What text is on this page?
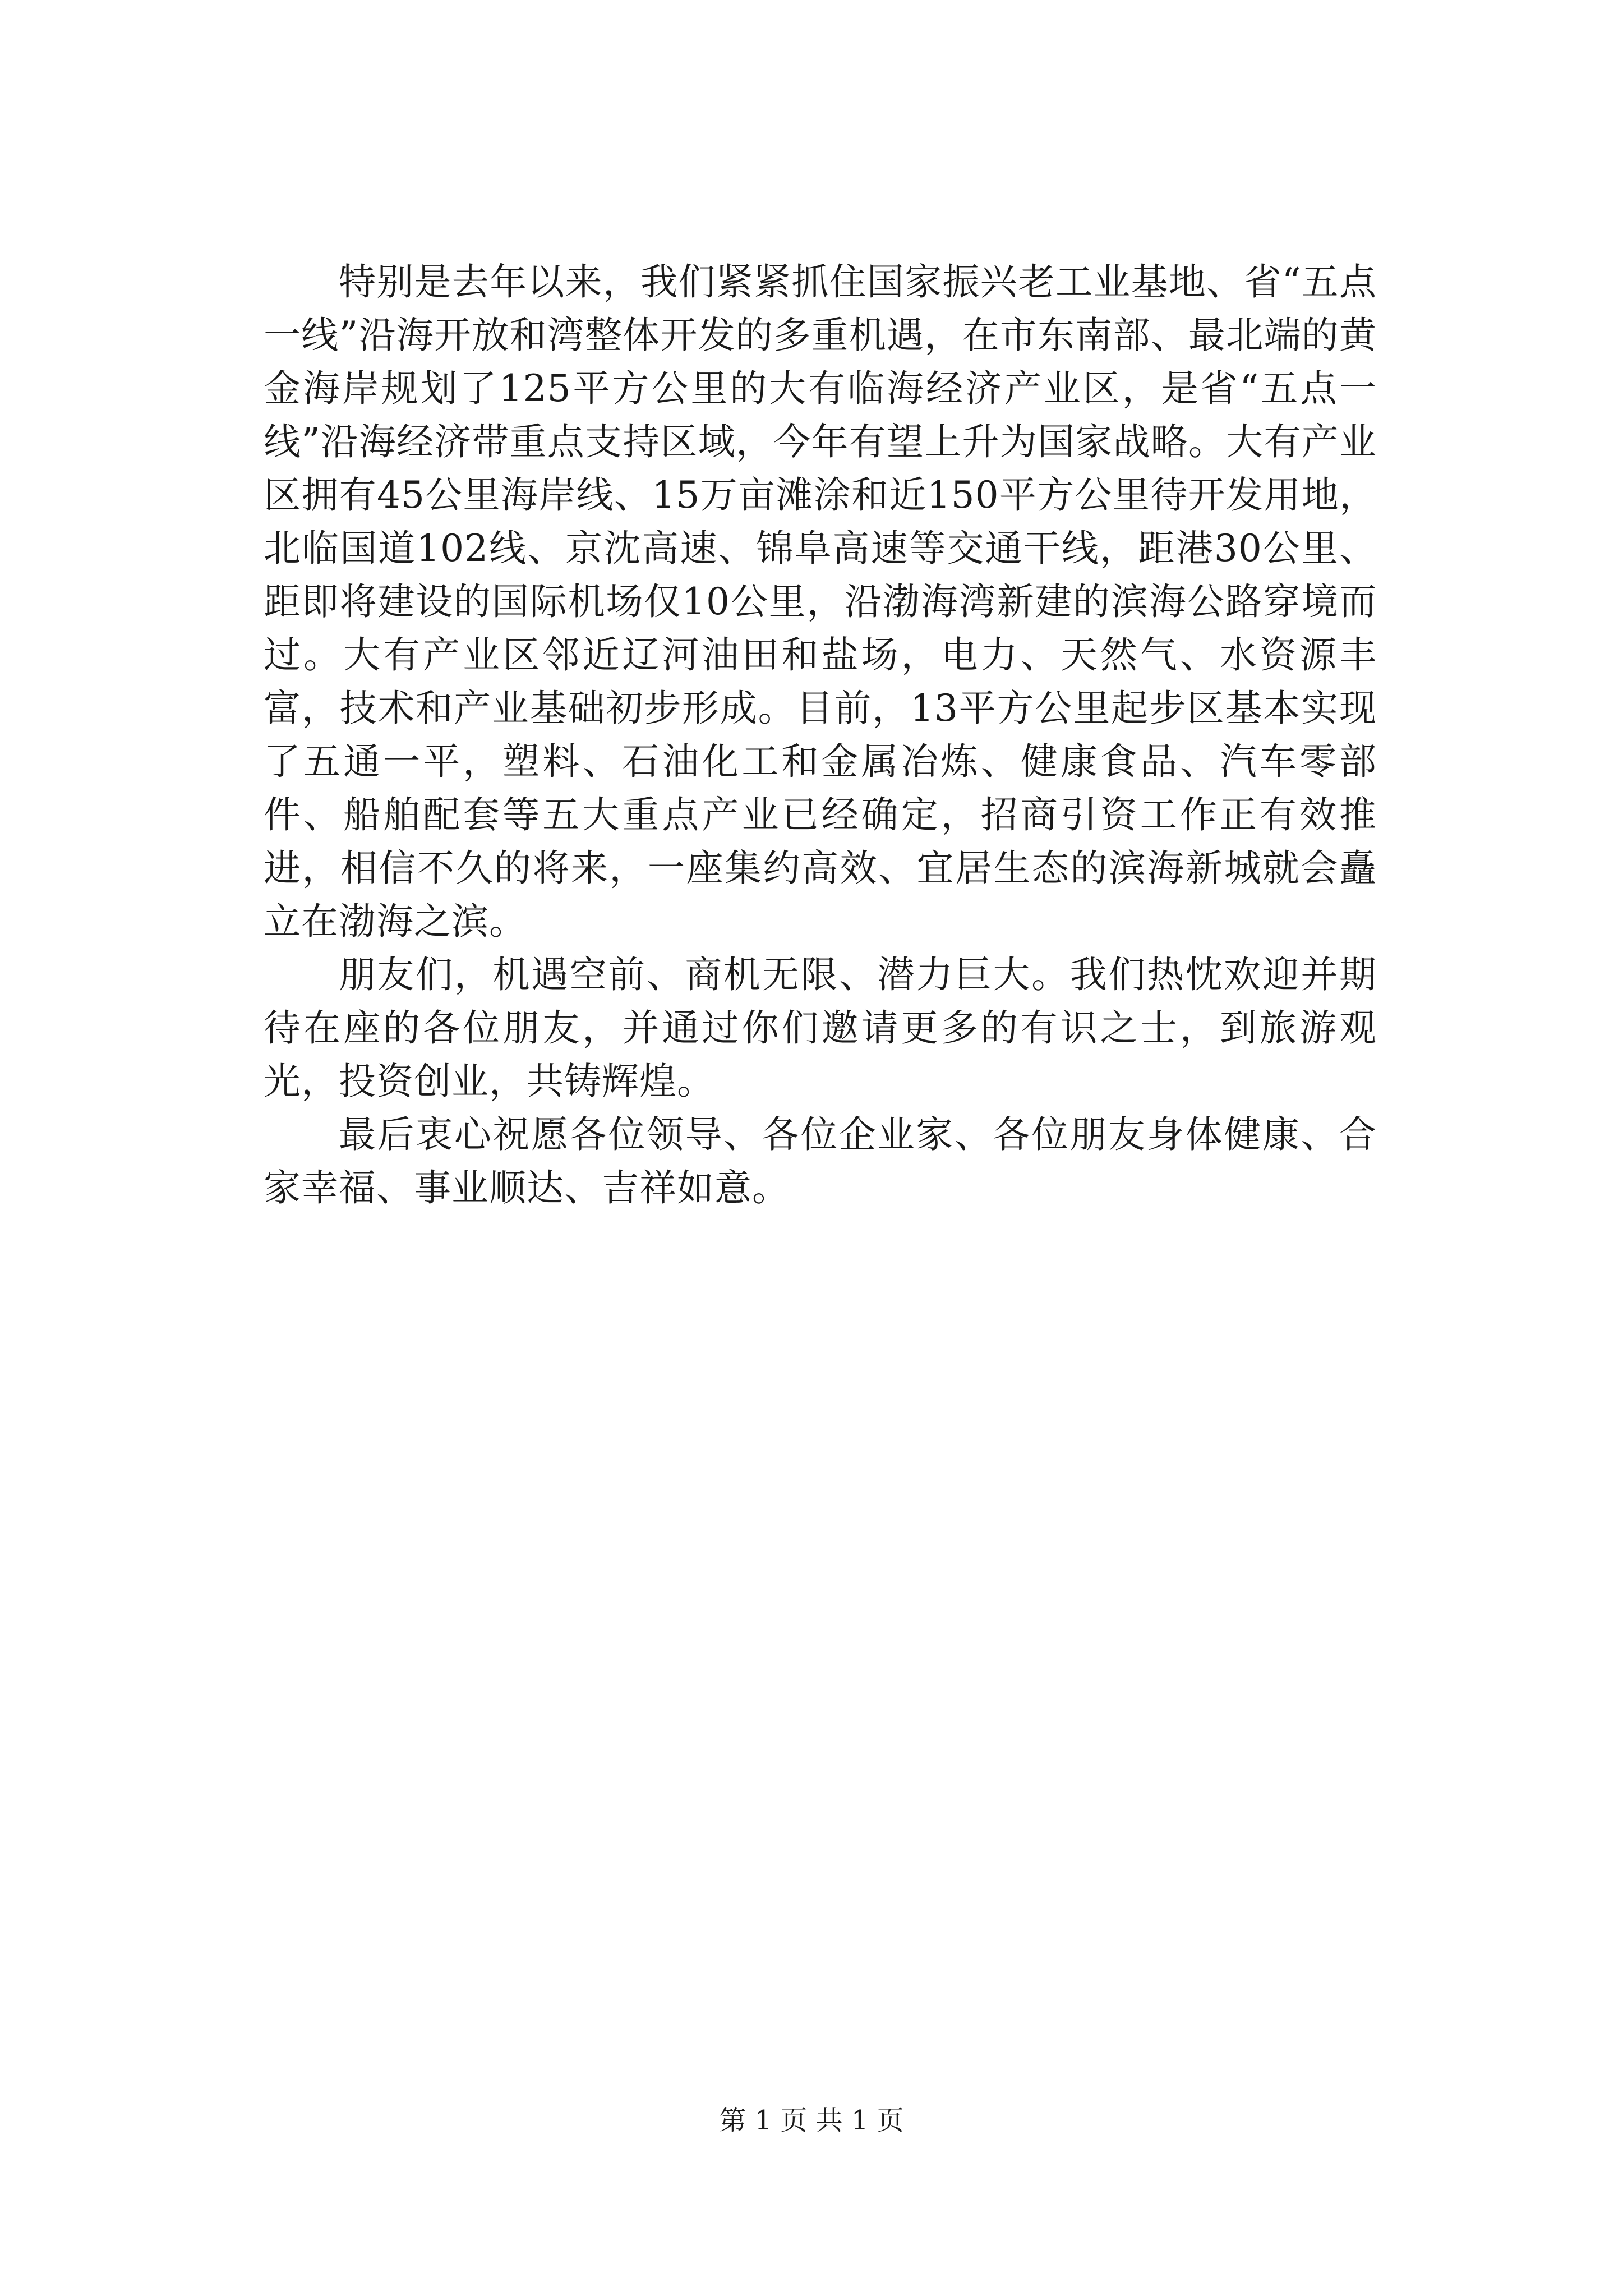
特别是去年以来，我们紧紧抓住国家振兴老工业基地、省“五点一线”沿海开放和湾整体开发的多重机遇，在市东南部、最北端的黄金海岸规划了125平方公里的大有临海经济产业区，是省“五点一线”沿海经济带重点支持区域，今年有望上升为国家战略。大有产业区拥有45公里海岸线、15万亩滩涂和近150平方公里待开发用地，北临国道102线、京沈高速、锦阜高速等交通干线，距港30公里、距即将建设的国际机场仅10公里，沿渤海湾新建的滨海公路穿境而过。大有产业区邻近辽河油田和盐场，电力、天然气、水资源丰富，技术和产业基础初步形成。目前，13平方公里起步区基本实现了五通一平，塑料、石油化工和金属冶炼、健康食品、汽车零部件、船舶配套等五大重点产业已经确定，招商引资工作正有效推进，相信不久的将来，一座集约高效、宜居生态的滨海新城就会矗立在渤海之滨。

朋友们，机遇空前、商机无限、潜力巨大。我们热忱欢迎并期待在座的各位朋友，并通过你们邀请更多的有识之士，到旅游观光，投资创业，共铸辉煌。

最后衷心祝愿各位领导、各位企业家、各位朋友身体健康、合家幸福、事业顺达、吉祥如意。

第 1 页 共 1 页
